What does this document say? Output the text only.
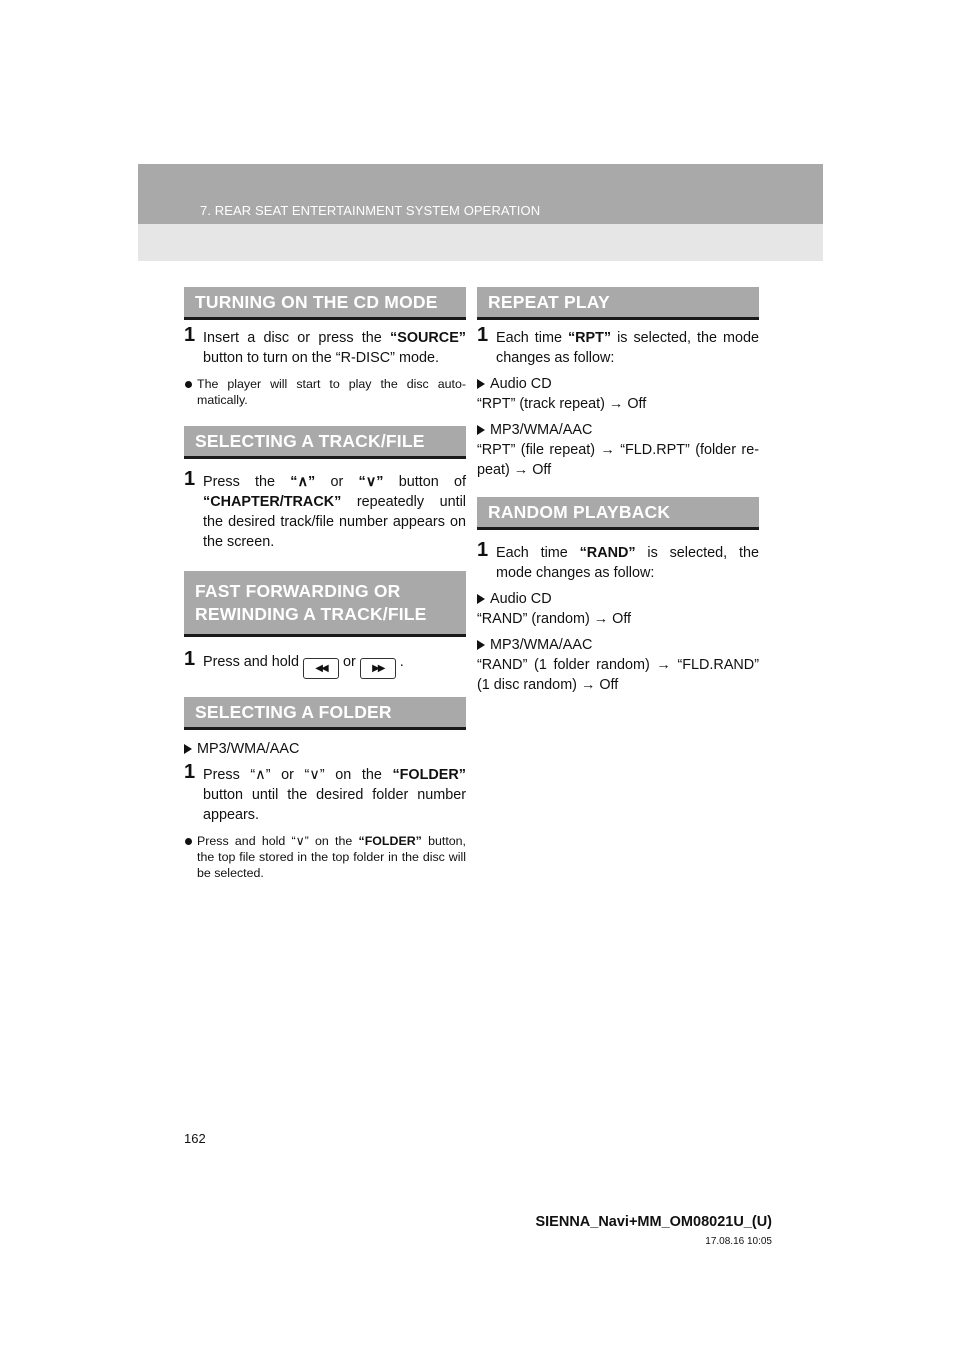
7. REAR SEAT ENTERTAINMENT SYSTEM OPERATION
TURNING ON THE CD MODE
1 Insert a disc or press the “SOURCE” button to turn on the “R-DISC” mode.
The player will start to play the disc auto-matically.
SELECTING A TRACK/FILE
1 Press the “∧” or “∨” button of “CHAPTER/TRACK” repeatedly until the desired track/file number appears on the screen.
FAST FORWARDING OR
REWINDING A TRACK/FILE
1 Press and hold ◀◀ or ▶▶ .
SELECTING A FOLDER
MP3/WMA/AAC
1 Press “∧” or “∨” on the “FOLDER” button until the desired folder number appears.
Press and hold “∨” on the “FOLDER” button, the top file stored in the top folder in the disc will be selected.
REPEAT PLAY
1 Each time “RPT” is selected, the mode changes as follow:
Audio CD
“RPT” (track repeat) → Off
MP3/WMA/AAC
“RPT” (file repeat) → “FLD.RPT” (folder re-peat) → Off
RANDOM PLAYBACK
1 Each time “RAND” is selected, the mode changes as follow:
Audio CD
“RAND” (random) → Off
MP3/WMA/AAC
“RAND” (1 folder random) → “FLD.RAND” (1 disc random) → Off
162
SIENNA_Navi+MM_OM08021U_(U)
17.08.16 10:05
